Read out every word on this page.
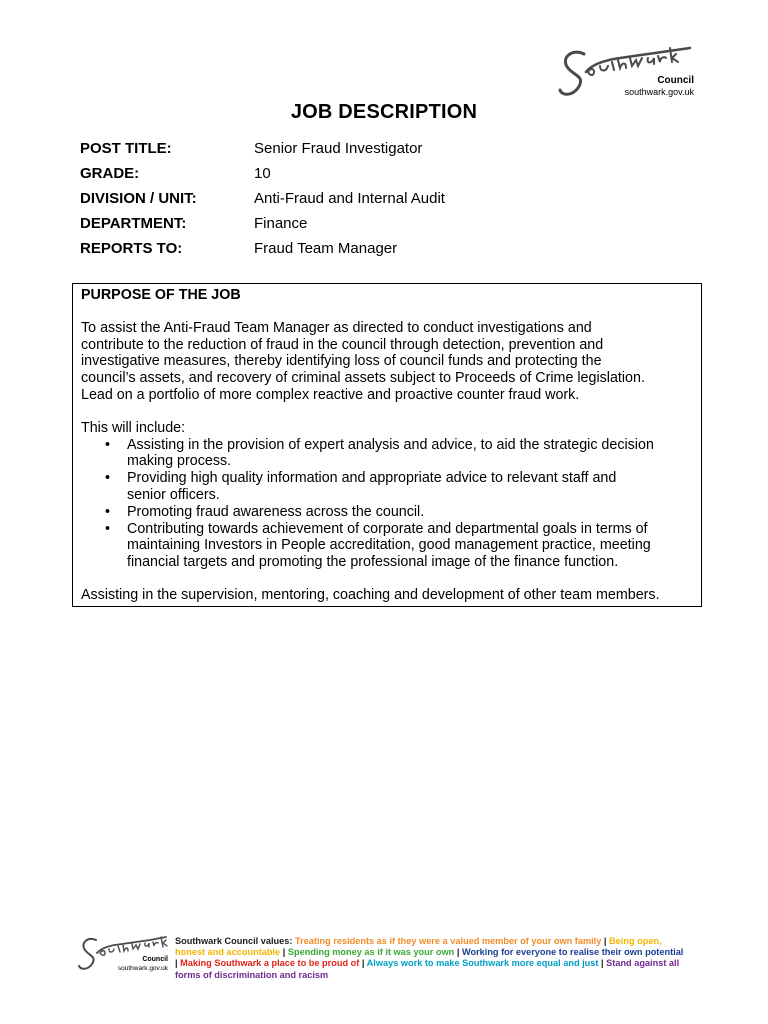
Council
southwark.gov.uk
JOB DESCRIPTION
POST TITLE:	Senior Fraud Investigator
GRADE:	10
DIVISION / UNIT:	Anti-Fraud and Internal Audit
DEPARTMENT:	Finance
REPORTS TO:	Fraud Team Manager
PURPOSE OF THE JOB

To assist the Anti-Fraud Team Manager as directed to conduct investigations and

contribute to the reduction of fraud in the council through detection, prevention and

investigative measures, thereby identifying loss of council funds and protecting the

council’s assets, and recovery of criminal assets subject to Proceeds of Crime legislation.

Lead on a portfolio of more complex reactive and proactive counter fraud work.

This will include:

• Assisting in the provision of expert analysis and advice, to aid the strategic decision
making process.
• Providing high quality information and appropriate advice to relevant staff and
senior officers.
• Promoting fraud awareness across the council.
• Contributing towards achievement of corporate and departmental goals in terms of
maintaining Investors in People accreditation, good management practice, meeting
financial targets and promoting the professional image of the finance function.

Assisting in the supervision, mentoring, coaching and development of other team members.

Council
southwark.gov.uk
Southwark Council values: Treating residents as if they were a valued member of your own family | Being open,
honest and accountable | Spending money as if it was your own | Working for everyone to realise their own potential
| Making Southwark a place to be proud of | Always work to make Southwark more equal and just | Stand against all
forms of discrimination and racism
